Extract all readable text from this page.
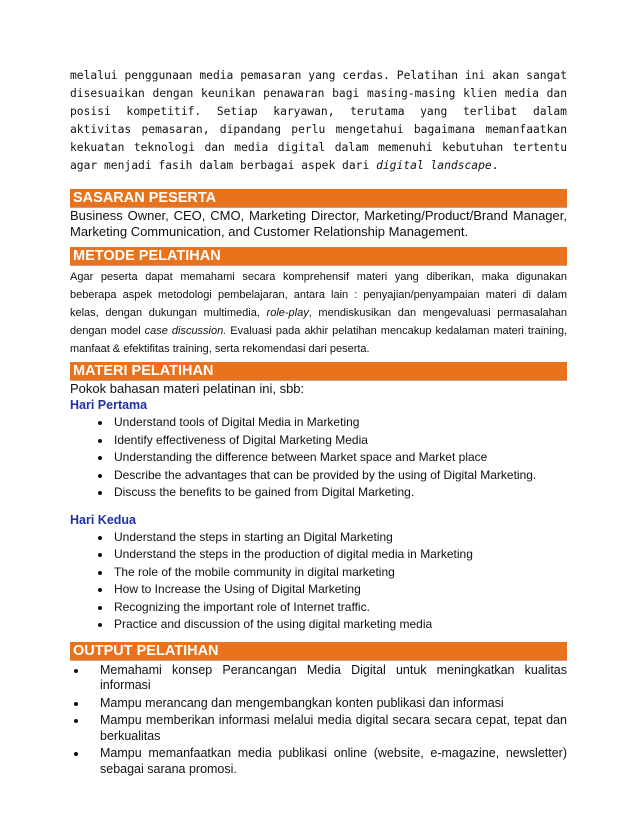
melalui penggunaan media pemasaran yang cerdas. Pelatihan ini akan sangat disesuaikan dengan keunikan penawaran bagi masing-masing klien media dan posisi kompetitif. Setiap karyawan, terutama yang terlibat dalam aktivitas pemasaran, dipandang perlu mengetahui bagaimana memanfaatkan kekuatan teknologi dan media digital dalam memenuhi kebutuhan tertentu agar menjadi fasih dalam berbagai aspek dari digital landscape.

SASARAN PESERTA

Business Owner, CEO, CMO, Marketing Director, Marketing/Product/Brand Manager, Marketing Communication, and Customer Relationship Management.

METODE PELATIHAN

Agar peserta dapat memahami secara komprehensif materi yang diberikan, maka digunakan beberapa aspek metodologi pembelajaran, antara lain : penyajian/penyampaian materi di dalam kelas, dengan dukungan multimedia, role-play, mendiskusikan dan mengevaluasi permasalahan dengan model case discussion. Evaluasi pada akhir pelatihan mencakup kedalaman materi training, manfaat & efektifitas training, serta rekomendasi dari peserta.

MATERI PELATIHAN

Pokok bahasan materi pelatinan ini, sbb:

Hari Pertama

• Understand tools of Digital Media in Marketing
• Identify effectiveness of Digital Marketing Media
• Understanding the difference between Market space and Market place
• Describe the advantages that can be provided by the using of Digital Marketing.
• Discuss the benefits to be gained from Digital Marketing.

Hari Kedua

• Understand the steps in starting an Digital Marketing
• Understand the steps in the production of digital media in Marketing
• The role of the mobile community in digital marketing
• How to Increase the Using of Digital Marketing
• Recognizing the important role of Internet traffic.
• Practice and discussion of the using digital marketing media
OUTPUT PELATIHAN
• Memahami konsep Perancangan Media Digital untuk meningkatkan kualitas informasi
• Mampu merancang dan mengembangkan konten publikasi dan informasi
• Mampu memberikan informasi melalui media digital secara secara cepat, tepat dan berkualitas
• Mampu memanfaatkan media publikasi online (website, e-magazine, newsletter) sebagai sarana promosi.
